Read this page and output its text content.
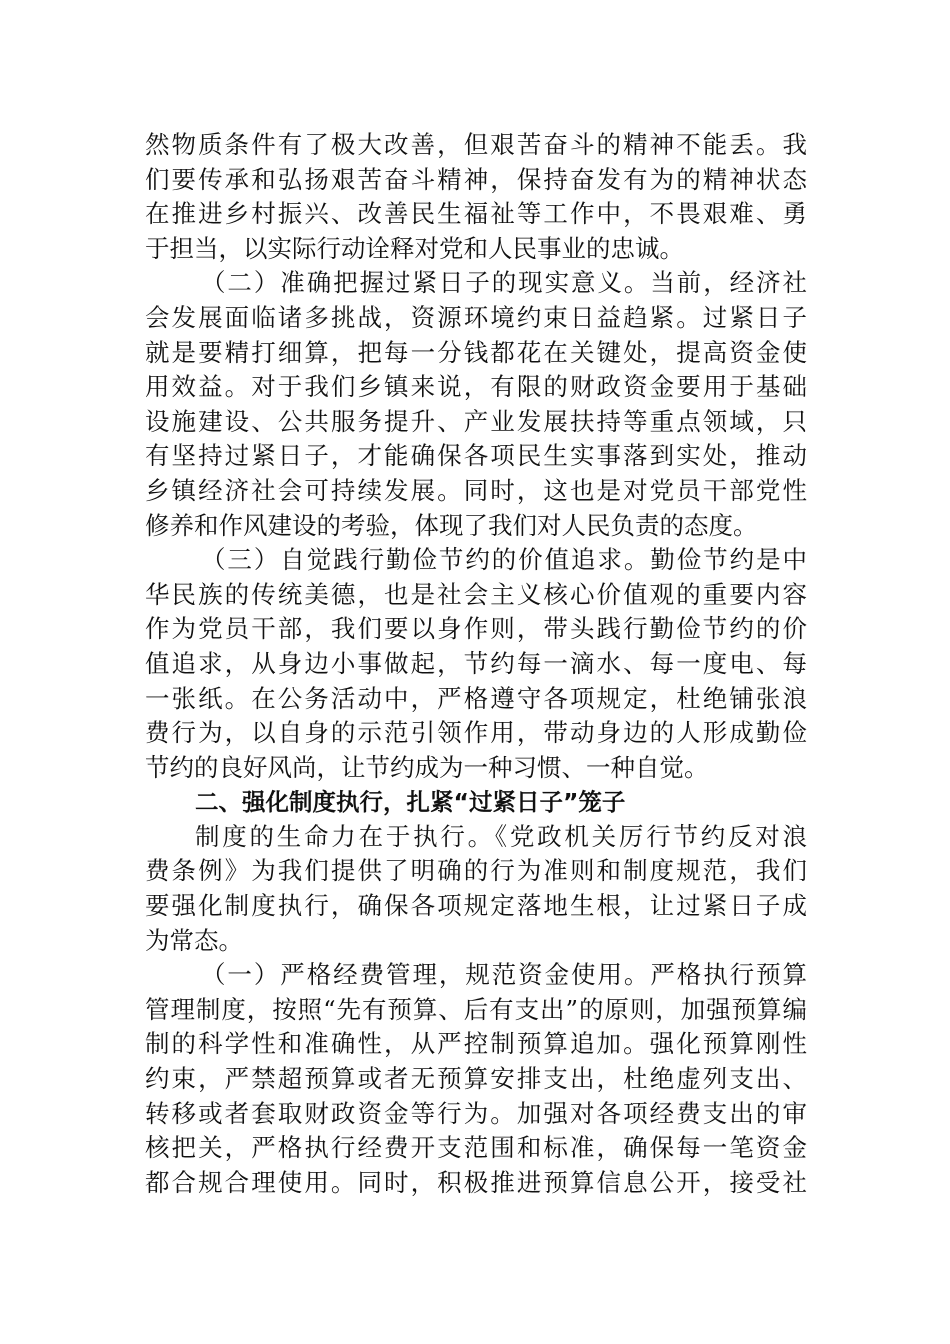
然物质条件有了极大改善，但艰苦奋斗的精神不能丢。我
们要传承和弘扬艰苦奋斗精神，保持奋发有为的精神状态
在推进乡村振兴、改善民生福祉等工作中，不畏艰难、勇
于担当，以实际行动诠释对党和人民事业的忠诚。
（二）准确把握过紧日子的现实意义。当前，经济社
会发展面临诸多挑战，资源环境约束日益趋紧。过紧日子
就是要精打细算，把每一分钱都花在关键处，提高资金使
用效益。对于我们乡镇来说，有限的财政资金要用于基础
设施建设、公共服务提升、产业发展扶持等重点领域，只
有坚持过紧日子，才能确保各项民生实事落到实处，推动
乡镇经济社会可持续发展。同时，这也是对党员干部党性
修养和作风建设的考验，体现了我们对人民负责的态度。
（三）自觉践行勤俭节约的价值追求。勤俭节约是中
华民族的传统美德，也是社会主义核心价值观的重要内容
作为党员干部，我们要以身作则，带头践行勤俭节约的价
值追求，从身边小事做起，节约每一滴水、每一度电、每
一张纸。在公务活动中，严格遵守各项规定，杜绝铺张浪
费行为，以自身的示范引领作用，带动身边的人形成勤俭
节约的良好风尚，让节约成为一种习惯、一种自觉。
二、强化制度执行，扎紧“过紧日子”笼子
制度的生命力在于执行。《党政机关厉行节约反对浪
费条例》为我们提供了明确的行为准则和制度规范，我们
要强化制度执行，确保各项规定落地生根，让过紧日子成
为常态。
（一）严格经费管理，规范资金使用。严格执行预算
管理制度，按照“先有预算、后有支出”的原则，加强预算编
制的科学性和准确性，从严控制预算追加。强化预算刚性
约束，严禁超预算或者无预算安排支出，杜绝虚列支出、
转移或者套取财政资金等行为。加强对各项经费支出的审
核把关，严格执行经费开支范围和标准，确保每一笔资金
都合规合理使用。同时，积极推进预算信息公开，接受社
